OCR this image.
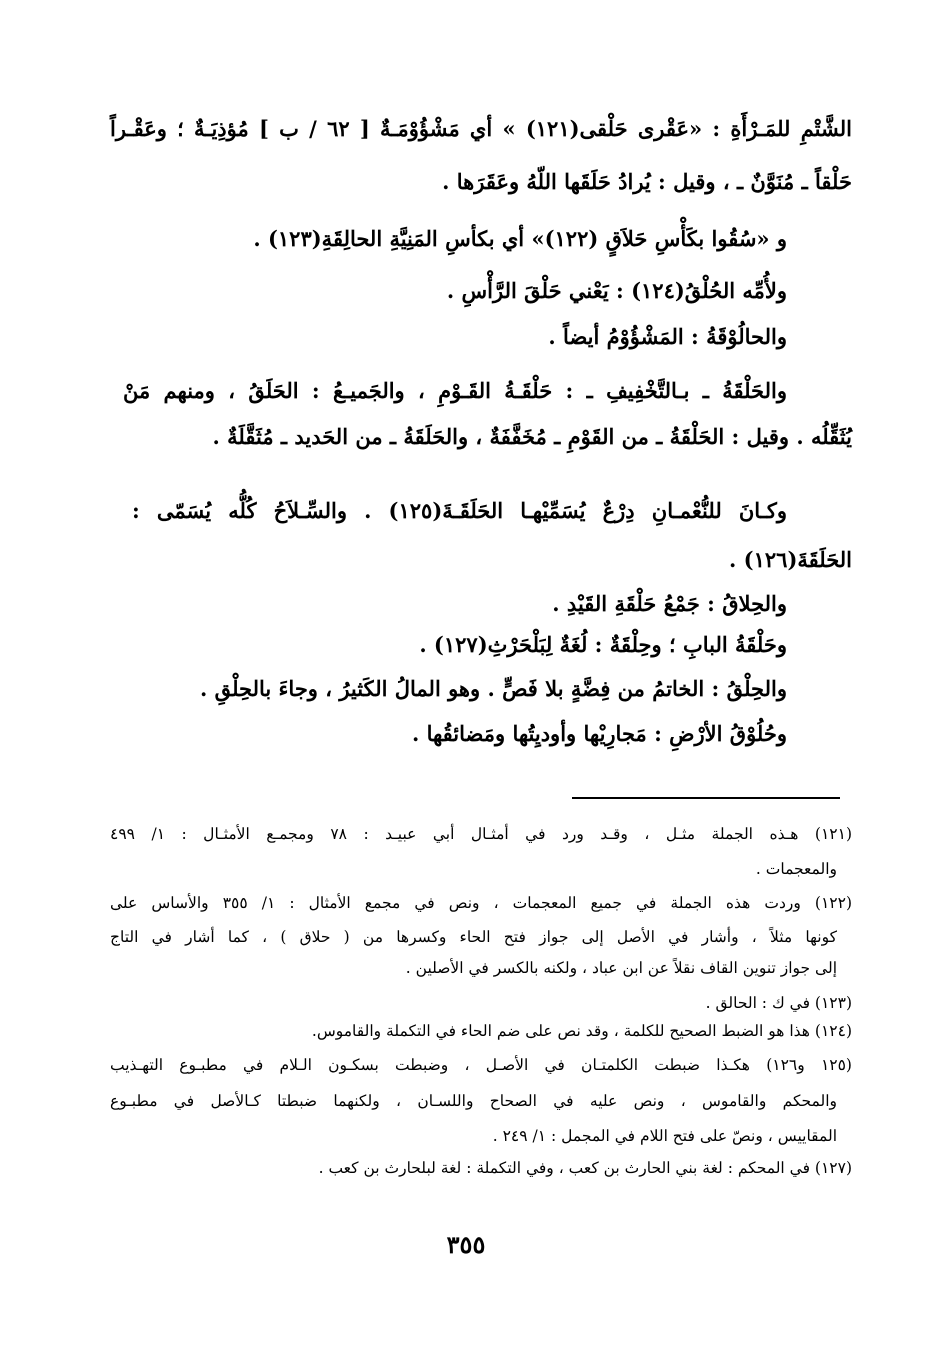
الشَّتْمِ للمَـرْأَةِ : «عَقْرى حَلْقى(١٢١) » أي مَشْؤُوْمَـةٌ [ ٦٢ / ب ] مُؤذِيَـةٌ ؛ وعَقْـراً
حَلْقاً ـ مُنَوَّنٌ ـ ، وقيل : يُرادُ حَلَقَها اللّهُ وعَقَرَها .
و «سُقُوا بكَأْسِ حَلاَقٍ (١٢٢)» أي بكأسِ المَنِيَّةِ الحالِقَةِ(١٢٣) .
ولأُمِّه الحُلْقُ(١٢٤) : يَعْني حَلْقَ الرَّأْسِ .
والحالُوْقَةُ : المَشْؤُوْمُ أيضاً .
والحَلْقَةُ ـ بـالتَّخْفِيفِ ـ : حَلْقَـةُ القَـوْمِ ، والجَميـعُ : الحَلَقُ ، ومنهم مَنْ
يُثَقِّلُه . وقيل : الحَلْقَةُ ـ من القَوْمِ ـ مُخَفَّفَةٌ ، والحَلَقَةُ ـ من الحَديد ـ مُثَقَّلَةٌ .
وكـانَ للنُّعْمـانِ دِرْعٌ يُسَمِّيْهـا الحَلَقَـةَ(١٢٥) . والسِّـلاَحُ كُلُّه يُسَمّى :
الحَلَقَةَ(١٢٦) .
والحِلاقُ : جَمْعُ حَلْقَةِ القَيْدِ .
وحَلْقَةُ البابِ ؛ وحِلْقَةٌ : لُغَةٌ لِبَلْحَرْثِ(١٢٧) .
والحِلْقُ : الخاتمُ من فِضَّةٍ بلا فَصٍّ . وهو المالُ الكَثيرُ ، وجاءَ بالحِلْقِ .
وحُلُوْقُ الأرْضِ : مَجارِيْها وأوديِتُها ومَضائقُها .
(١٢١) هـذه الجملة مثـل ، وقـد ورد في أمثـال أبي عبيـد : ٧٨ ومجمـع الأمثـال : ١/ ٤٩٩
والمعجمات .
(١٢٢) وردت هذه الجملة في جميع المعجمات ، ونص في مجمع الأمثال : ١/ ٣٥٥ والأساس على
كونها مثلاً ، وأشار في الأصل إلى جواز فتح الحاء وكسرها من ( حلاق ) ، كما أشار في التاج
إلى جواز تنوين القاف نقلاً عن ابن عباد ، ولكنه بالكسر في الأصلين .
(١٢٣) في ك : الحالق .
(١٢٤) هذا هو الضبط الصحيح للكلمة ، وقد نص على ضم الحاء في التكملة والقاموس.
(١٢٥ و١٢٦) هكـذا ضبطت الكلمتـان في الأصـل ، وضبطت بسكـون الـلام في مطبـوع التهـذيب
والمحكم والقاموس ، ونص عليه في الصحاح واللسـان ، ولكنهما ضبطتا كـالأصل في مطبـوع
المقاييس ، ونصّ على فتح اللام في المجمل : ١/ ٢٤٩ .
(١٢٧) في المحكم : لغة بني الحارث بن كعب ، وفي التكملة : لغة لبلحارث بن كعب .
٣٥٥
